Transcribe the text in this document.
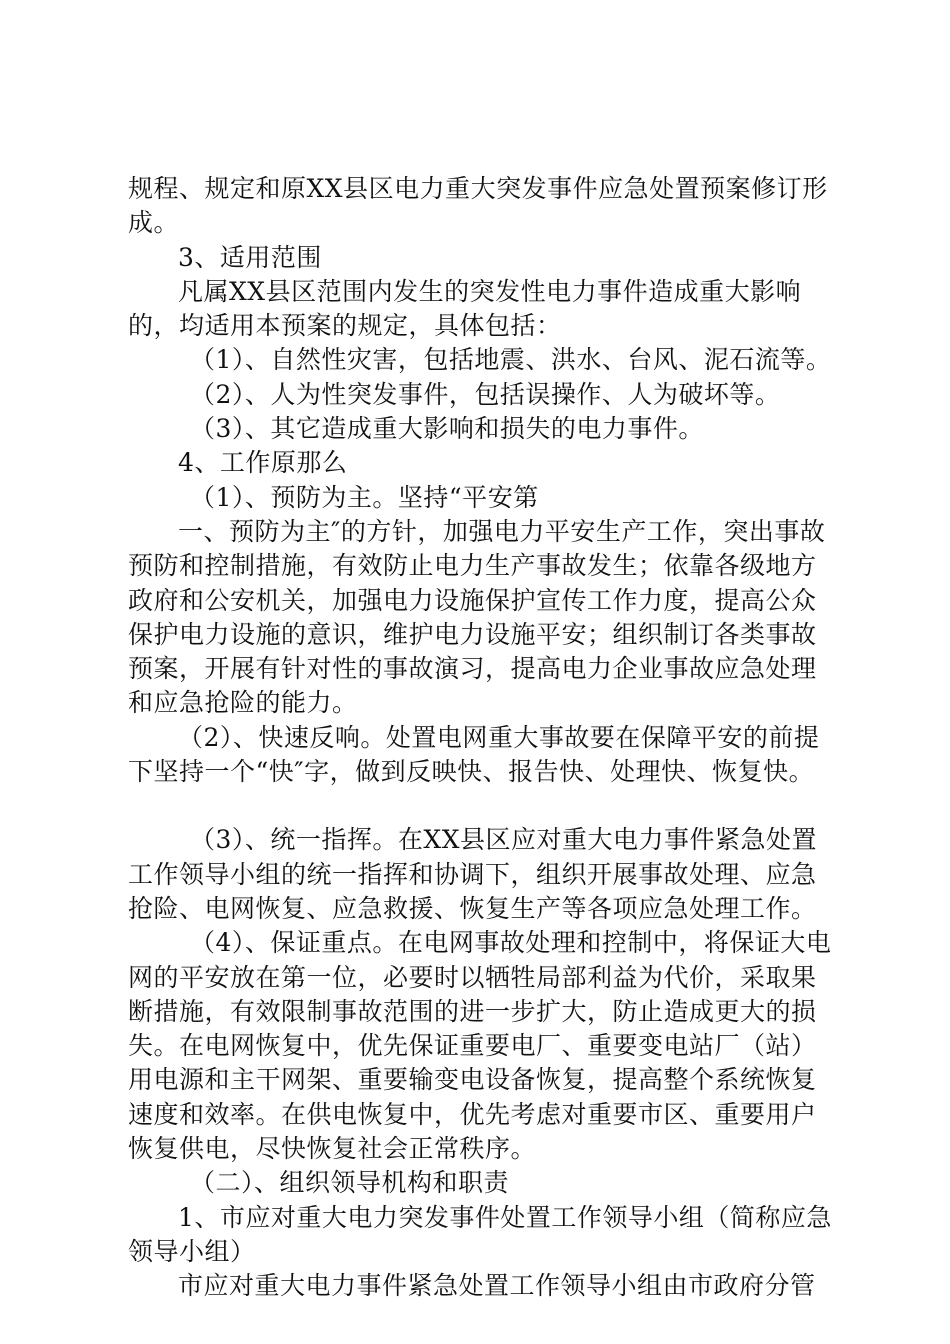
规程、规定和原XX县区电力重大突发事件应急处置预案修订形成。

3、适用范围

凡属XX县区范围内发生的突发性电力事件造成重大影响的，均适用本预案的规定，具体包括：

（1）、自然性灾害，包括地震、洪水、台风、泥石流等。

（2）、人为性突发事件，包括误操作、人为破坏等。

（3）、其它造成重大影响和损失的电力事件。

4、工作原那么

（1）、预防为主。坚持“平安第

一、预防为主″的方针，加强电力平安生产工作，突出事故预防和控制措施，有效防止电力生产事故发生；依靠各级地方政府和公安机关，加强电力设施保护宣传工作力度，提高公众保护电力设施的意识，维护电力设施平安；组织制订各类事故预案，开展有针对性的事故演习，提高电力企业事故应急处理和应急抢险的能力。

（2）、快速反响。处置电网重大事故要在保障平安的前提下坚持一个“快″字，做到反映快、报告快、处理快、恢复快。

（3）、统一指挥。在XX县区应对重大电力事件紧急处置工作领导小组的统一指挥和协调下，组织开展事故处理、应急抢险、电网恢复、应急救援、恢复生产等各项应急处理工作。

（4）、保证重点。在电网事故处理和控制中，将保证大电网的平安放在第一位，必要时以牺牲局部利益为代价，采取果断措施，有效限制事故范围的进一步扩大，防止造成更大的损失。在电网恢复中，优先保证重要电厂、重要变电站厂（站）用电源和主干网架、重要输变电设备恢复，提高整个系统恢复速度和效率。在供电恢复中，优先考虑对重要市区、重要用户恢复供电，尽快恢复社会正常秩序。

（二）、组织领导机构和职责

1、市应对重大电力突发事件处置工作领导小组（简称应急领导小组）

市应对重大电力事件紧急处置工作领导小组由市政府分管
